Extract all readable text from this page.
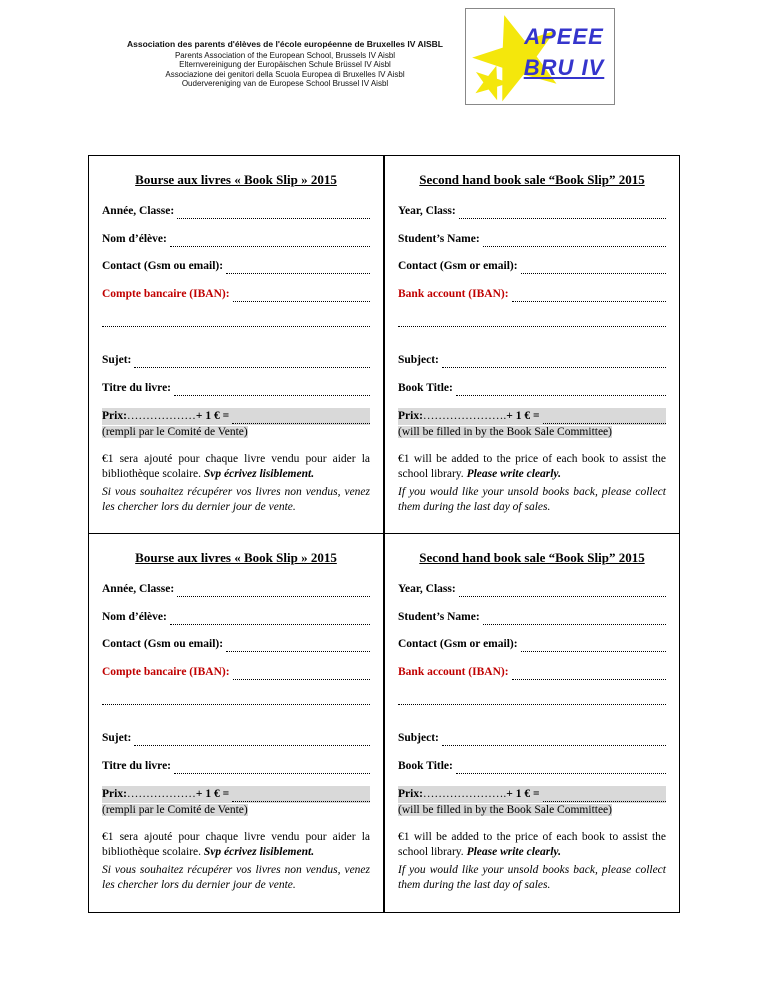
Association des parents d'élèves de l'école européenne de Bruxelles IV AISBL
Parents Association of the European School, Brussels IV Aisbl
Elternvereinigung der Europäischen Schule Brüssel IV Aisbl
Associazione dei genitori della Scuola Europea di Bruxelles IV Aisbl
Oudervereniging van de Europese School Brussel IV Aisbl
APEEE
BRU IV
Bourse aux livres « Book Slip » 2015
Année, Classe:
Nom d’élève:
Contact (Gsm ou email):
Compte bancaire (IBAN):
Sujet:
Titre du livre:
Prix: ……………… + 1 € =
(rempli par le Comité de Vente)
€1 sera ajouté pour chaque livre vendu pour aider la bibliothèque scolaire. Svp écrivez lisiblement.
Si vous souhaitez récupérer vos livres non vendus, venez les chercher lors du dernier jour de vente.
Second hand book sale “Book Slip” 2015
Year, Class:
Student’s Name:
Contact (Gsm or email):
Bank account (IBAN):
Subject:
Book Title:
Prix: …………………. + 1 € =
(will be filled in by the Book Sale Committee)
€1 will be added to the price of each book to assist the school library. Please write clearly.
If you would like your unsold books back, please collect them during the last day of sales.
Bourse aux livres « Book Slip » 2015
Année, Classe:
Nom d’élève:
Contact (Gsm ou email):
Compte bancaire (IBAN):
Sujet:
Titre du livre:
Prix: ……………… + 1 € =
(rempli par le Comité de Vente)
€1 sera ajouté pour chaque livre vendu pour aider la bibliothèque scolaire. Svp écrivez lisiblement.
Si vous souhaitez récupérer vos livres non vendus, venez les chercher lors du dernier jour de vente.
Second hand book sale “Book Slip” 2015
Year, Class:
Student’s Name:
Contact (Gsm or email):
Bank account (IBAN):
Subject:
Book Title:
Prix: …………………. + 1 € =
(will be filled in by the Book Sale Committee)
€1 will be added to the price of each book to assist the school library. Please write clearly.
If you would like your unsold books back, please collect them during the last day of sales.
